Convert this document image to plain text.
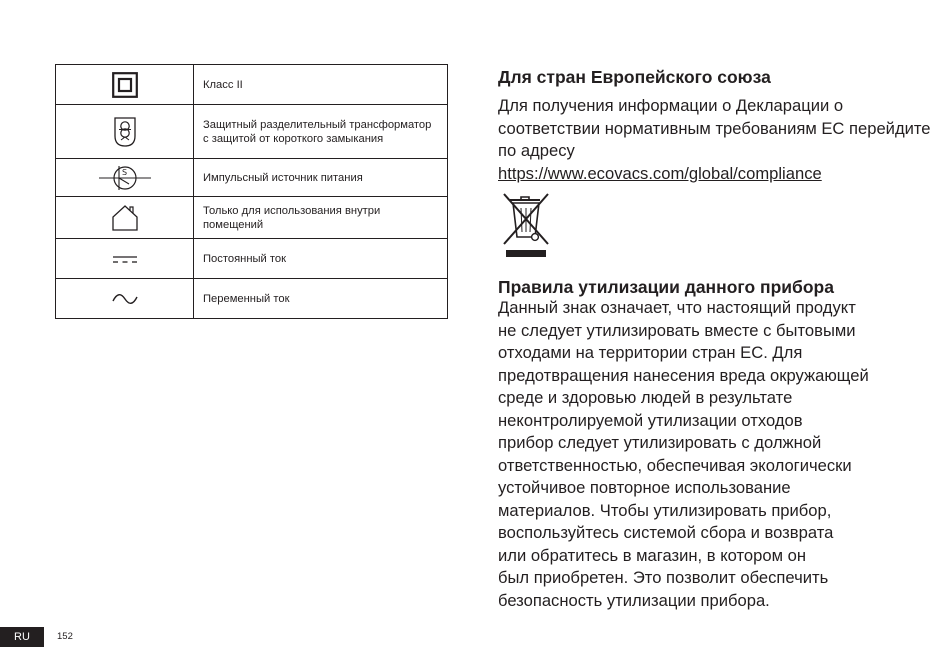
	Класс II

	Защитный разделительный трансформатор с защитой от короткого замыкания

S	Импульсный источник питания

	Только для использования внутри помещений

	Постоянный ток

	Переменный ток
Для стран Европейского союза

Для получения информации о Декларации о соответствии нормативным требованиям ЕС перейдите по адресу

https://www.ecovacs.com/global/compliance
Правила утилизации данного прибора

Данный знак означает, что настоящий продукт
не следует утилизировать вместе с бытовыми
отходами на территории стран ЕС. Для
предотвращения нанесения вреда окружающей
среде и здоровью людей в результате
неконтролируемой утилизации отходов
прибор следует утилизировать с должной
ответственностью, обеспечивая экологически
устойчивое повторное использование
материалов. Чтобы утилизировать прибор,
воспользуйтесь системой сбора и возврата
или обратитесь в магазин, в котором он
был приобретен. Это позволит обеспечить
безопасность утилизации прибора.

RU	152
